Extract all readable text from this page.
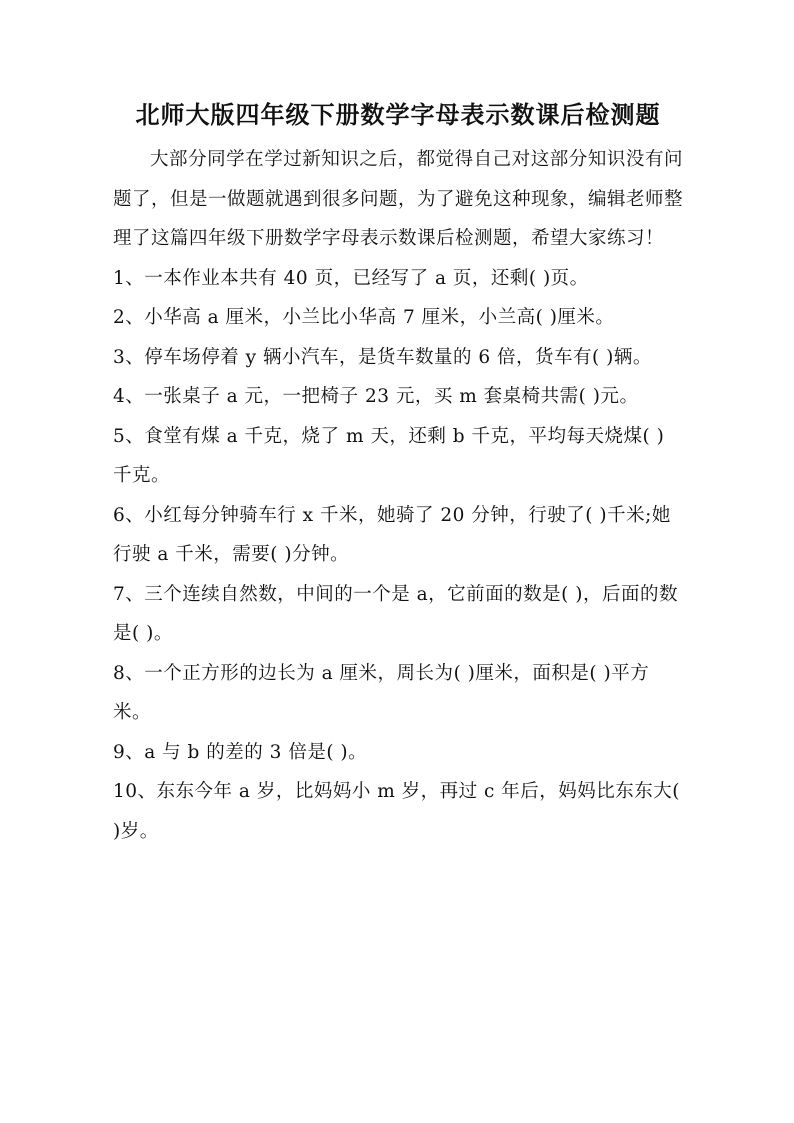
北师大版四年级下册数学字母表示数课后检测题

大部分同学在学过新知识之后，都觉得自己对这部分知识没有问题了，但是一做题就遇到很多问题，为了避免这种现象，编辑老师整理了这篇四年级下册数学字母表示数课后检测题，希望大家练习！

1、一本作业本共有 40 页，已经写了 a 页，还剩( )页。
2、小华高 a 厘米，小兰比小华高 7 厘米，小兰高( )厘米。
3、停车场停着 y 辆小汽车，是货车数量的 6 倍，货车有( )辆。
4、一张桌子 a 元，一把椅子 23 元，买 m 套桌椅共需( )元。
5、食堂有煤 a 千克，烧了 m 天，还剩 b 千克，平均每天烧煤( )千克。
6、小红每分钟骑车行 x 千米，她骑了 20 分钟，行驶了( )千米;她行驶 a 千米，需要( )分钟。
7、三个连续自然数，中间的一个是 a，它前面的数是( )，后面的数是( )。
8、一个正方形的边长为 a 厘米，周长为( )厘米，面积是( )平方米。
9、a 与 b 的差的 3 倍是( )。
10、东东今年 a 岁，比妈妈小 m 岁，再过 c 年后，妈妈比东东大( )岁。
